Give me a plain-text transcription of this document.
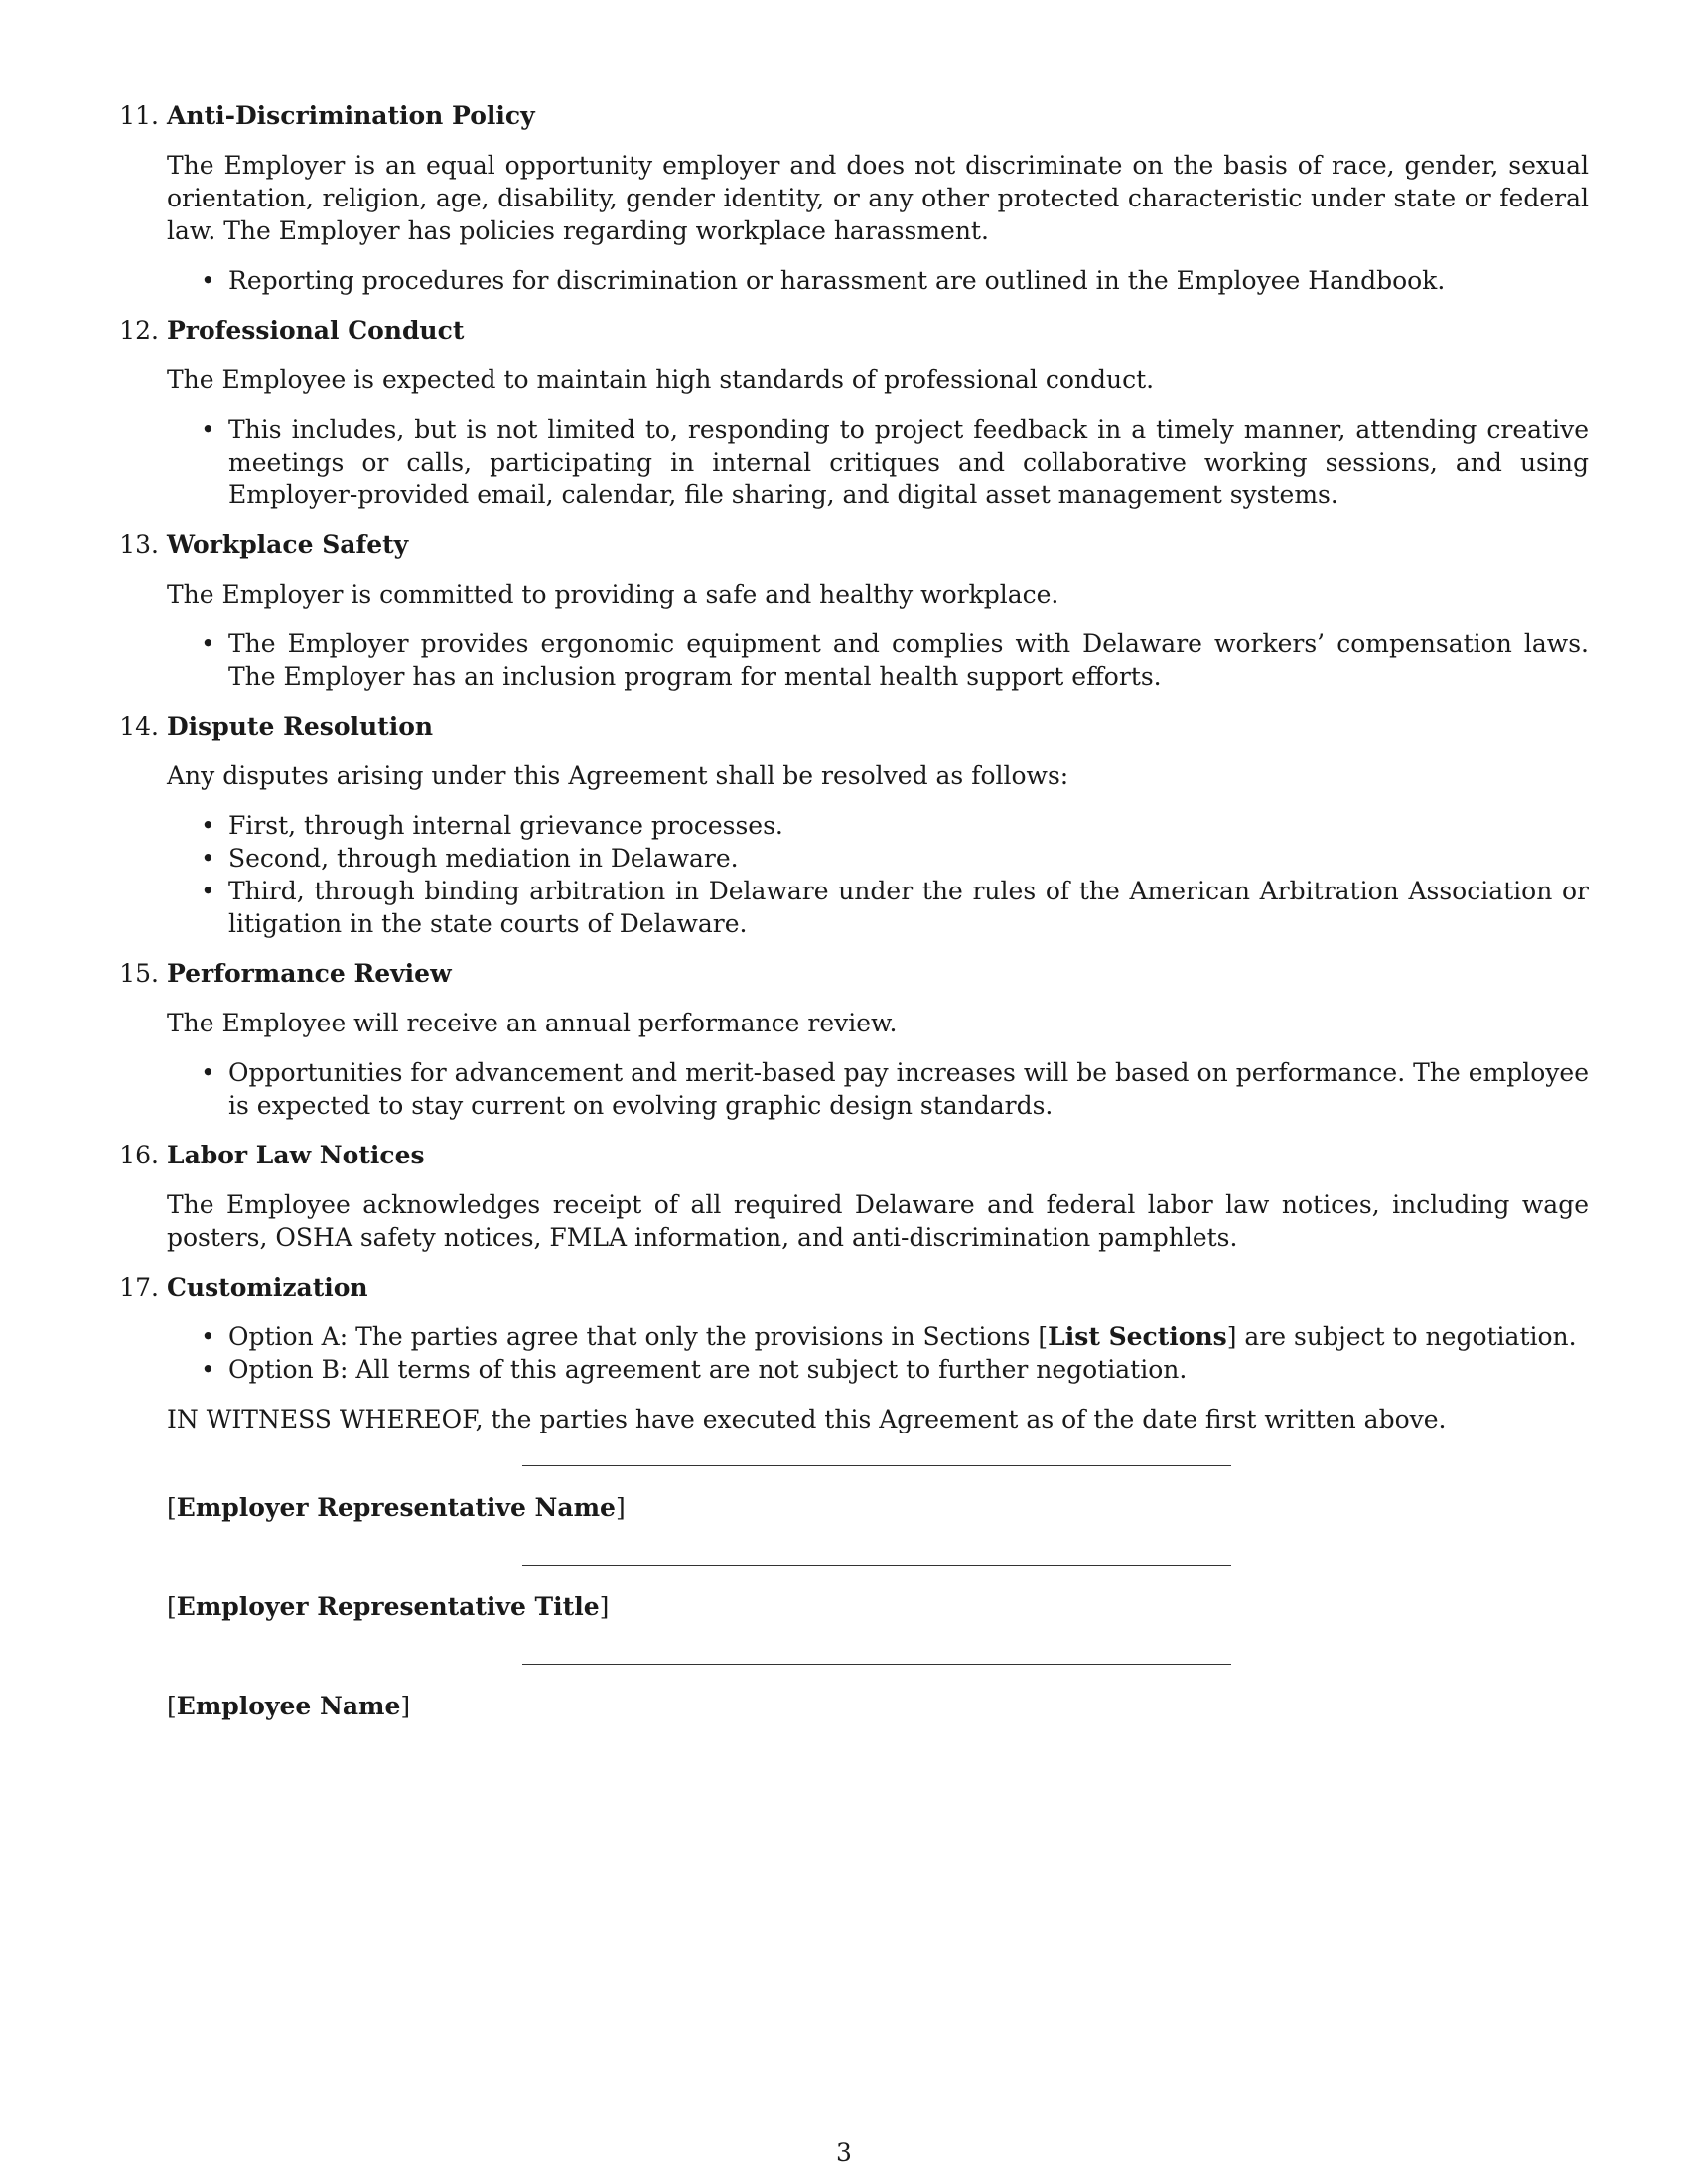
11. Anti-Discrimination Policy
The Employer is an equal opportunity employer and does not discriminate on the basis of race, gender, sexual orientation, religion, age, disability, gender identity, or any other protected characteristic under state or federal law. The Employer has policies regarding workplace harassment.
• Reporting procedures for discrimination or harassment are outlined in the Employee Handbook.
12. Professional Conduct
The Employee is expected to maintain high standards of professional conduct.
• This includes, but is not limited to, responding to project feedback in a timely manner, attending creative meetings or calls, participating in internal critiques and collaborative working sessions, and using Employer-provided email, calendar, file sharing, and digital asset management systems.
13. Workplace Safety
The Employer is committed to providing a safe and healthy workplace.
• The Employer provides ergonomic equipment and complies with Delaware workers’ compensation laws. The Employer has an inclusion program for mental health support efforts.
14. Dispute Resolution
Any disputes arising under this Agreement shall be resolved as follows:
• First, through internal grievance processes.
• Second, through mediation in Delaware.
• Third, through binding arbitration in Delaware under the rules of the American Arbitration Association or litigation in the state courts of Delaware.
15. Performance Review
The Employee will receive an annual performance review.
• Opportunities for advancement and merit-based pay increases will be based on performance. The employee is expected to stay current on evolving graphic design standards.
16. Labor Law Notices
The Employee acknowledges receipt of all required Delaware and federal labor law notices, including wage posters, OSHA safety notices, FMLA information, and anti-discrimination pamphlets.
17. Customization
• Option A: The parties agree that only the provisions in Sections [List Sections] are subject to negotiation.
• Option B: All terms of this agreement are not subject to further negotiation.
IN WITNESS WHEREOF, the parties have executed this Agreement as of the date first written above.
[Employer Representative Name]
[Employer Representative Title]
[Employee Name]
3
